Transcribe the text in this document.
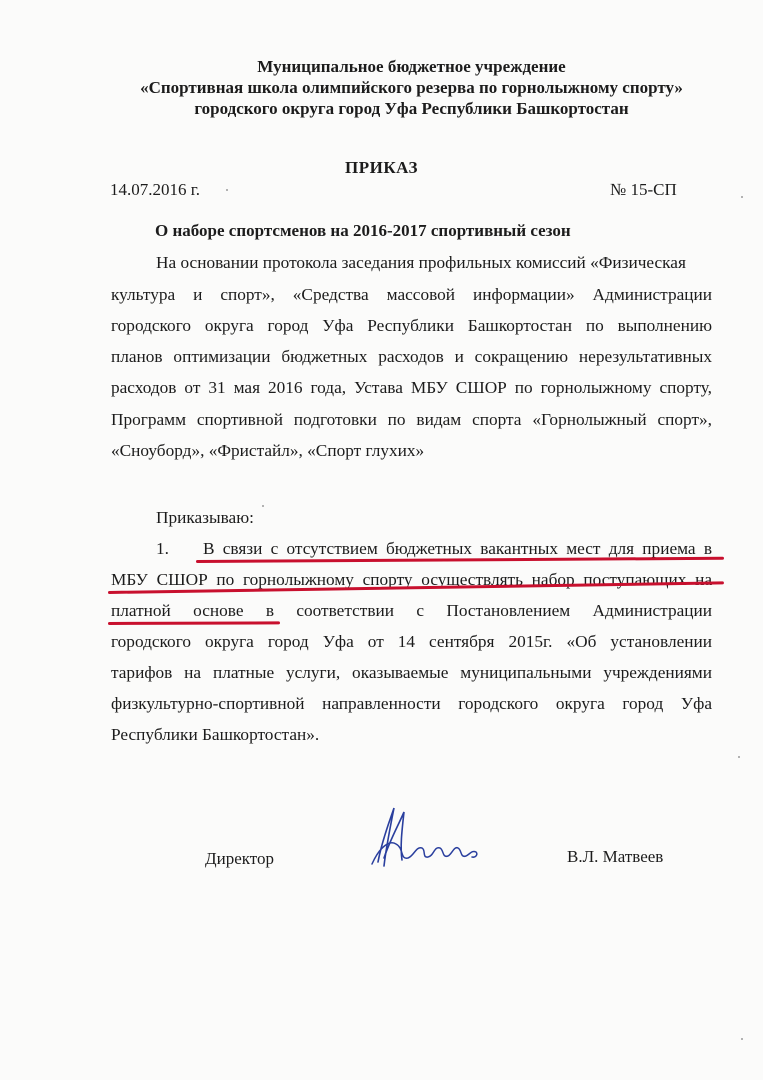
Муниципальное бюджетное учреждение
«Спортивная школа олимпийского резерва по горнолыжному спорту»
городского округа город Уфа Республики Башкортостан
ПРИКАЗ
14.07.2016 г.	№ 15-СП
О наборе спортсменов на 2016-2017 спортивный сезон
На основании протокола заседания профильных комиссий «Физическая
культура и спорт», «Средства массовой информации» Администрации
городского округа город Уфа Республики Башкортостан по выполнению
планов оптимизации бюджетных расходов и сокращению нерезультативных
расходов от 31 мая 2016 года, Устава МБУ СШОР по горнолыжному спорту,
Программ спортивной подготовки по видам спорта «Горнолыжный спорт»,
«Сноуборд», «Фристайл», «Спорт глухих»
Приказываю:
1.	В связи с отсутствием бюджетных вакантных мест для приема в
МБУ СШОР по горнолыжному спорту осуществлять набор поступающих на
платной основе в соответствии с Постановлением Администрации
городского округа город Уфа от 14 сентября 2015г. «Об установлении
тарифов на платные услуги, оказываемые муниципальными учреждениями
физкультурно-спортивной направленности городского округа город Уфа
Республики Башкортостан».
Директор	В.Л. Матвеев
